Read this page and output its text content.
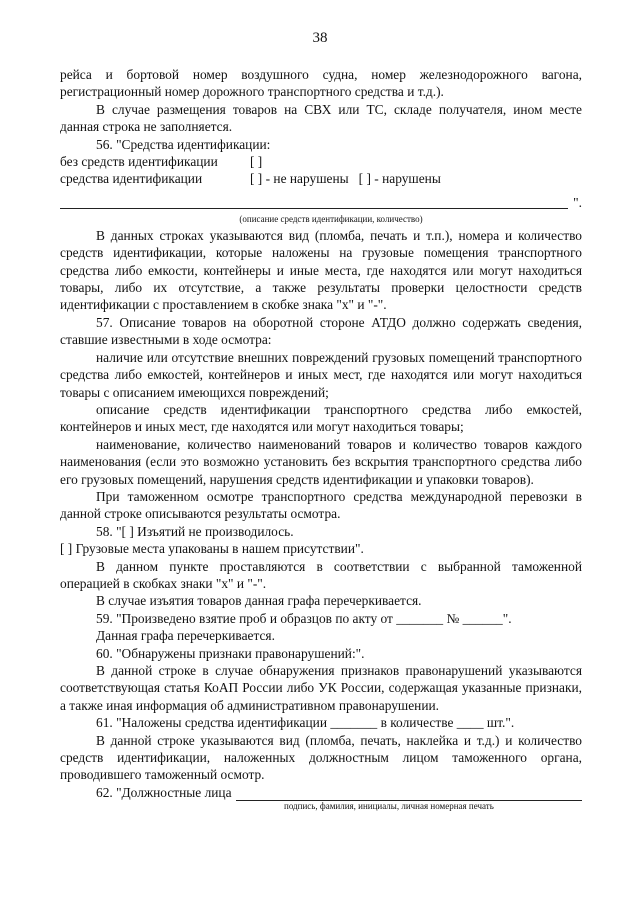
38

рейса и бортовой номер воздушного судна, номер железнодорожного вагона, регистрационный номер дорожного транспортного средства и т.д.).

В случае размещения товаров на СВХ или ТС, складе получателя, ином месте данная строка не заполняется.

56. "Средства идентификации:

без средств идентификации	[ ]
средства идентификации	[ ] - не нарушены   [ ] - нарушены
".
(описание средств идентификации, количество)

В данных строках указываются вид (пломба, печать и т.п.), номера и количество средств идентификации, которые наложены на грузовые помещения транспортного средства либо емкости, контейнеры и иные места, где находятся или могут находиться товары, либо их отсутствие, а также результаты проверки целостности средств идентификации с проставлением в скобке знака "х" и "-".

57. Описание товаров на оборотной стороне АТДО должно содержать сведения, ставшие известными в ходе осмотра:

наличие или отсутствие внешних повреждений грузовых помещений транспортного средства либо емкостей, контейнеров и иных мест, где находятся или могут находиться товары с описанием имеющихся повреждений;

описание средств идентификации транспортного средства либо емкостей, контейнеров и иных мест, где находятся или могут находиться товары;

наименование, количество наименований товаров и количество товаров каждого наименования (если это возможно установить без вскрытия транспортного средства либо его грузовых помещений, нарушения средств идентификации и упаковки товаров).

При таможенном осмотре транспортного средства международной перевозки в данной строке описываются результаты осмотра.

58. "[ ] Изъятий не производилось.

[ ] Грузовые места упакованы в нашем присутствии".

В данном пункте проставляются в соответствии с выбранной таможенной операцией в скобках знаки "х" и "-".

В случае изъятия товаров данная графа перечеркивается.

59. "Произведено взятие проб и образцов по акту от _______ № ______".

Данная графа перечеркивается.

60. "Обнаружены признаки правонарушений:".

В данной строке в случае обнаружения признаков правонарушений указываются соответствующая статья КоАП России либо УК России, содержащая указанные признаки, а также иная информация об административном правонарушении.

61. "Наложены средства идентификации _______ в количестве ____ шт.".

В данной строке указываются вид (пломба, печать, наклейка и т.д.) и количество средств идентификации, наложенных должностным лицом таможенного органа, проводившего таможенный осмотр.

62. "Должностные лица
подпись, фамилия, инициалы, личная номерная печать
